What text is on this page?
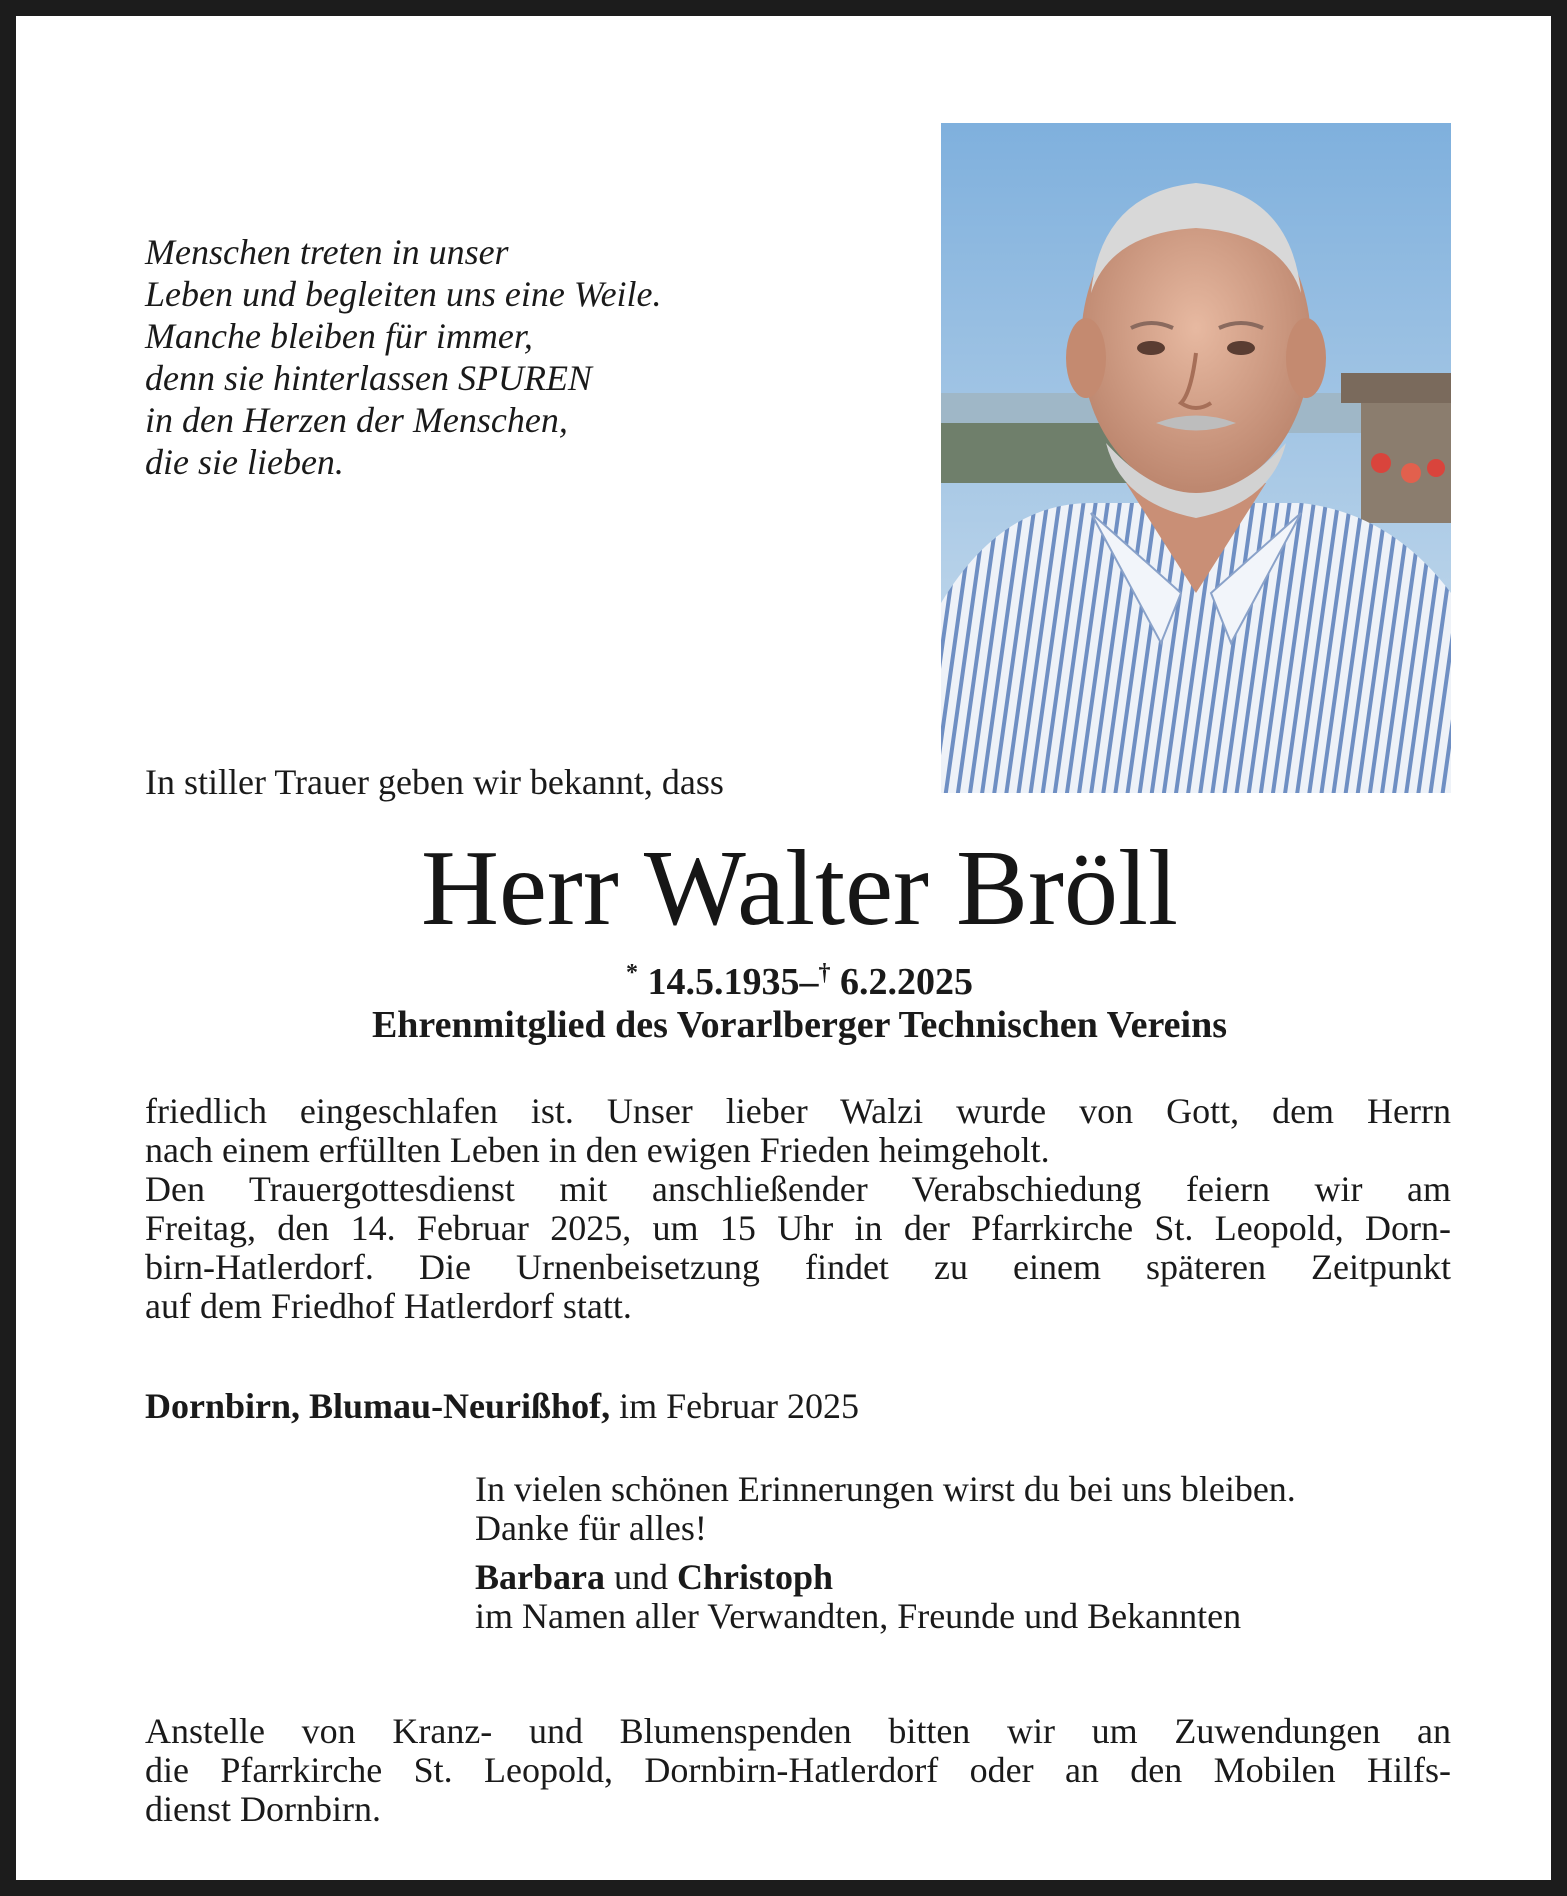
Menschen treten in unser
Leben und begleiten uns eine Weile.
Manche bleiben für immer,
denn sie hinterlassen SPUREN
in den Herzen der Menschen,
die sie lieben.
In stiller Trauer geben wir bekannt, dass
Herr Walter Bröll
* 14.5.1935–† 6.2.2025
Ehrenmitglied des Vorarlberger Technischen Vereins
friedlich eingeschlafen ist. Unser lieber Walzi wurde von Gott, dem Herrn
nach einem erfüllten Leben in den ewigen Frieden heimgeholt.
Den Trauergottesdienst mit anschließender Verabschiedung feiern wir am
Freitag, den 14. Februar 2025, um 15 Uhr in der Pfarrkirche St. Leopold, Dorn-
birn-Hatlerdorf. Die Urnenbeisetzung findet zu einem späteren Zeitpunkt
auf dem Friedhof Hatlerdorf statt.
Dornbirn, Blumau-Neurißhof, im Februar 2025
In vielen schönen Erinnerungen wirst du bei uns bleiben.
Danke für alles!
Barbara und Christoph
im Namen aller Verwandten, Freunde und Bekannten
Anstelle von Kranz- und Blumenspenden bitten wir um Zuwendungen an
die Pfarrkirche St. Leopold, Dornbirn-Hatlerdorf oder an den Mobilen Hilfs-
dienst Dornbirn.
